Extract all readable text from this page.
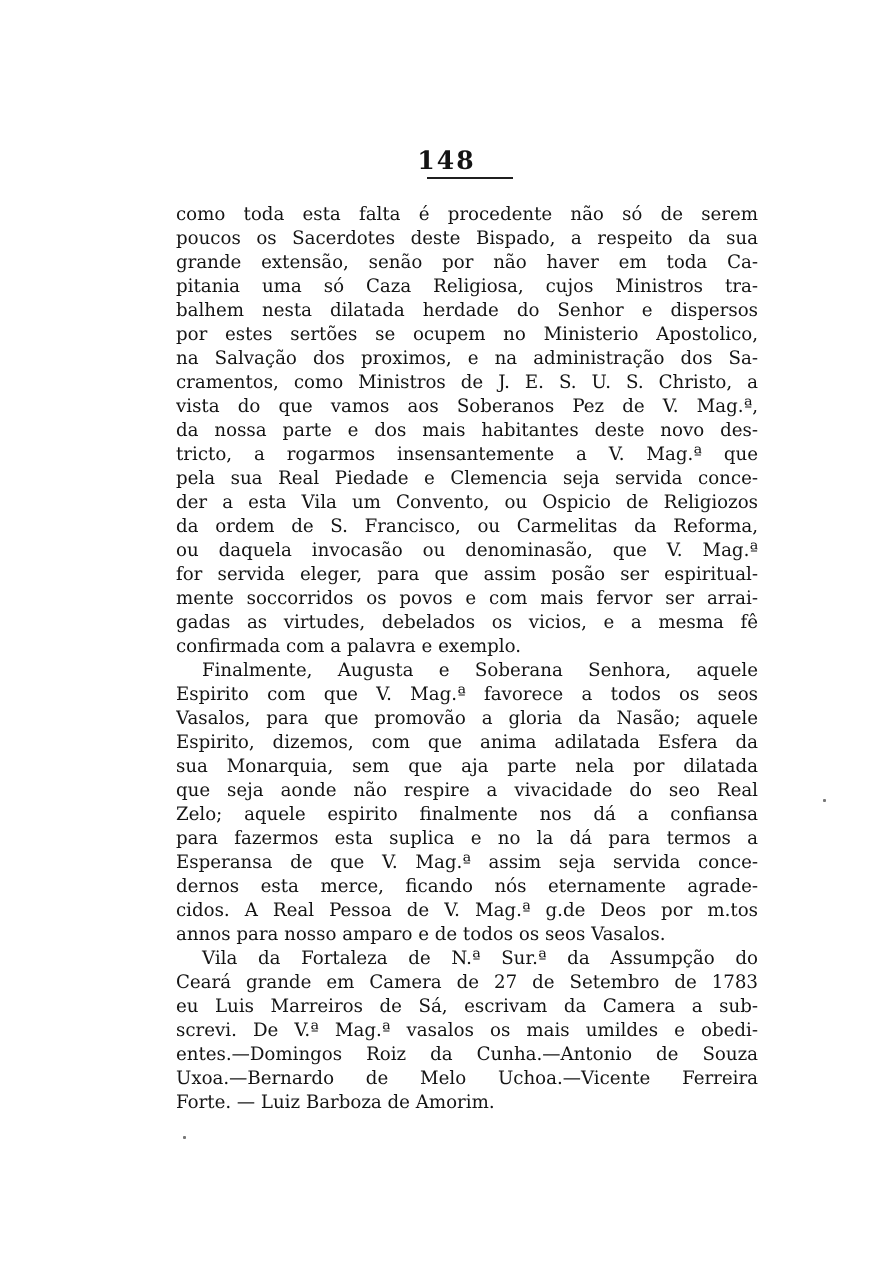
148
como toda esta falta é procedente não só de serem
poucos os Sacerdotes deste Bispado, a respeito da sua
grande extensão, senão por não haver em toda Ca-
pitania uma só Caza Religiosa, cujos Ministros tra-
balhem nesta dilatada herdade do Senhor e dispersos
por estes sertões se ocupem no Ministerio Apostolico,
na Salvação dos proximos, e na administração dos Sa-
cramentos, como Ministros de J. E. S. U. S. Christo, a
vista do que vamos aos Soberanos Pez de V. Mag.ª,
da nossa parte e dos mais habitantes deste novo des-
tricto, a rogarmos insensantemente a V. Mag.ª que
pela sua Real Piedade e Clemencia seja servida conce-
der a esta Vila um Convento, ou Ospicio de Religiozos
da ordem de S. Francisco, ou Carmelitas da Reforma,
ou daquela invocasão ou denominasão, que V. Mag.ª
for servida eleger, para que assim posão ser espiritual-
mente soccorridos os povos e com mais fervor ser arrai-
gadas as virtudes, debelados os vicios, e a mesma fê
confirmada com a palavra e exemplo.
Finalmente, Augusta e Soberana Senhora, aquele
Espirito com que V. Mag.ª favorece a todos os seos
Vasalos, para que promovão a gloria da Nasão; aquele
Espirito, dizemos, com que anima adilatada Esfera da
sua Monarquia, sem que aja parte nela por dilatada
que seja aonde não respire a vivacidade do seo Real
Zelo; aquele espirito finalmente nos dá a confiansa
para fazermos esta suplica e no la dá para termos a
Esperansa de que V. Mag.ª assim seja servida conce-
dernos esta merce, ficando nós eternamente agrade-
cidos. A Real Pessoa de V. Mag.ª g.de Deos por m.tos
annos para nosso amparo e de todos os seos Vasalos.
Vila da Fortaleza de N.ª Sur.ª da Assumpção do
Ceará grande em Camera de 27 de Setembro de 1783
eu Luis Marreiros de Sá, escrivam da Camera a sub-
screvi. De V.ª Mag.ª vasalos os mais umildes e obedi-
entes.—Domingos Roiz da Cunha.—Antonio de Souza
Uxoa.—Bernardo de Melo Uchoa.—Vicente Ferreira
Forte. — Luiz Barboza de Amorim.
